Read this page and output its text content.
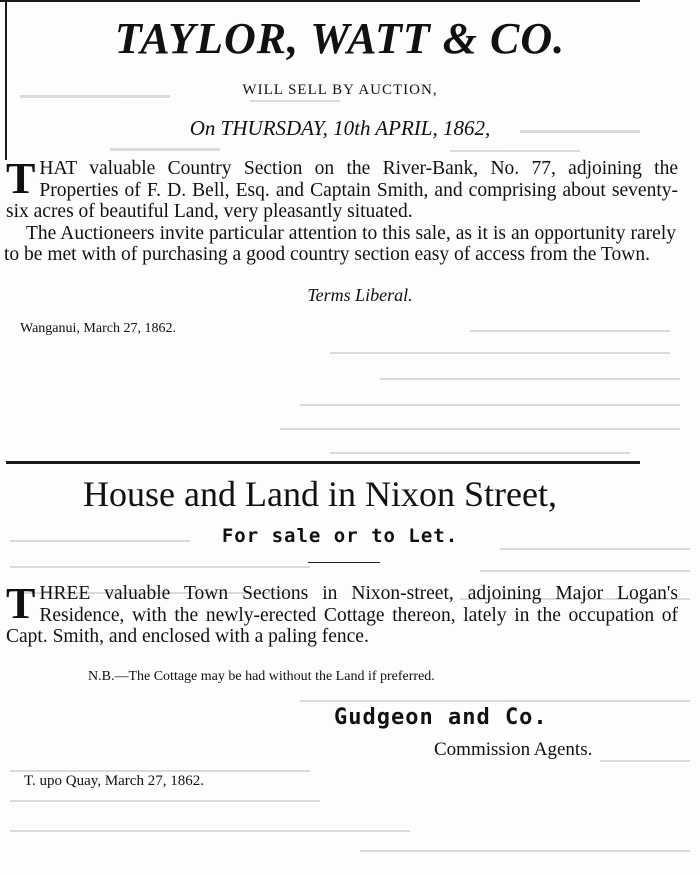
TAYLOR, WATT & CO.
WILL SELL BY AUCTION,
On THURSDAY, 10th APRIL, 1862,

THAT valuable Country Section on the River-Bank, No. 77, adjoining the Properties of F. D. Bell, Esq. and Captain Smith, and comprising about seventy-six acres of beautiful Land, very pleasantly situated.

The Auctioneers invite particular attention to this sale, as it is an opportunity rarely to be met with of purchasing a good country section easy of access from the Town.

Terms Liberal.
Wanganui, March 27, 1862.
House and Land in Nixon Street,
For sale or to Let.

THREE valuable Town Sections in Nixon-street, adjoining Major Logan's Residence, with the newly-erected Cottage thereon, lately in the occupation of Capt. Smith, and enclosed with a paling fence.

N.B.—The Cottage may be had without the Land if preferred.
Gudgeon and Co.
Commission Agents.
T. upo Quay, March 27, 1862.
